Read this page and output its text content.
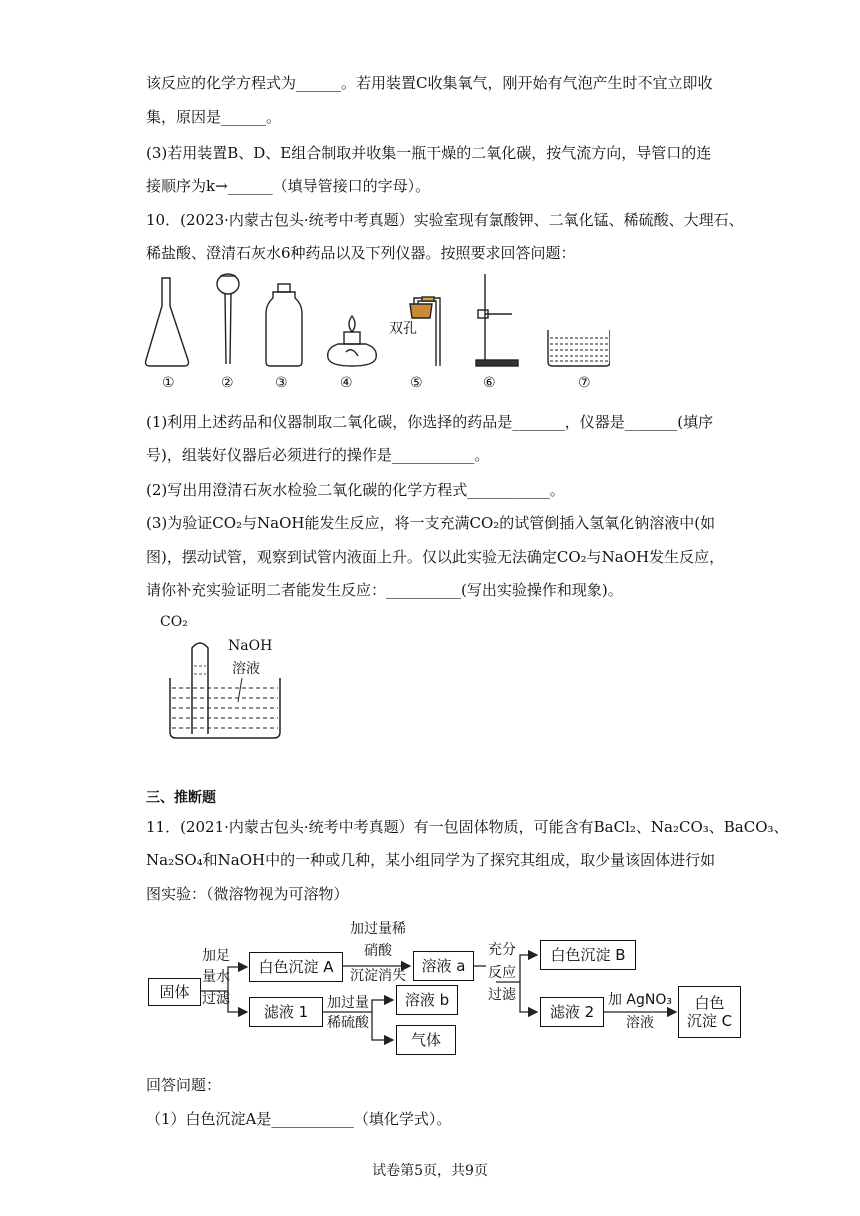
该反应的化学方程式为______。若用装置C收集氧气，刚开始有气泡产生时不宜立即收
集，原因是______。
(3)若用装置B、D、E组合制取并收集一瓶干燥的二氧化碳，按气流方向，导管口的连
接顺序为k→______（填导管接口的字母）。
10．(2023·内蒙古包头·统考中考真题）实验室现有氯酸钾、二氧化锰、稀硫酸、大理石、
稀盐酸、澄清石灰水6种药品以及下列仪器。按照要求回答问题：
双孔
①	②	③	④	⑤	⑥	⑦
(1)利用上述药品和仪器制取二氧化碳，你选择的药品是_______，仪器是_______(填序
号)，组装好仪器后必须进行的操作是___________。
(2)写出用澄清石灰水检验二氧化碳的化学方程式___________。
(3)为验证CO₂与NaOH能发生反应，将一支充满CO₂的试管倒插入氢氧化钠溶液中(如
图)，摆动试管，观察到试管内液面上升。仅以此实验无法确定CO₂与NaOH发生反应，
请你补充实验证明二者能发生反应：__________(写出实验操作和现象)。
CO₂
NaOH
溶液
三、推断题
11．(2021·内蒙古包头·统考中考真题）有一包固体物质，可能含有BaCl₂、Na₂CO₃、BaCO₃、
Na₂SO₄和NaOH中的一种或几种，某小组同学为了探究其组成，取少量该固体进行如
图实验：（微溶物视为可溶物）
固体
加足
量水
过滤
白色沉淀 A
滤液 1
加过量稀
硝酸
沉淀消失
溶液 a
加过量
稀硫酸
溶液 b
气体
充分
反应
过滤
白色沉淀 B
滤液 2
加 AgNO₃
溶液
白色
沉淀 C
回答问题：
（1）白色沉淀A是___________（填化学式）。
试卷第5页，共9页
